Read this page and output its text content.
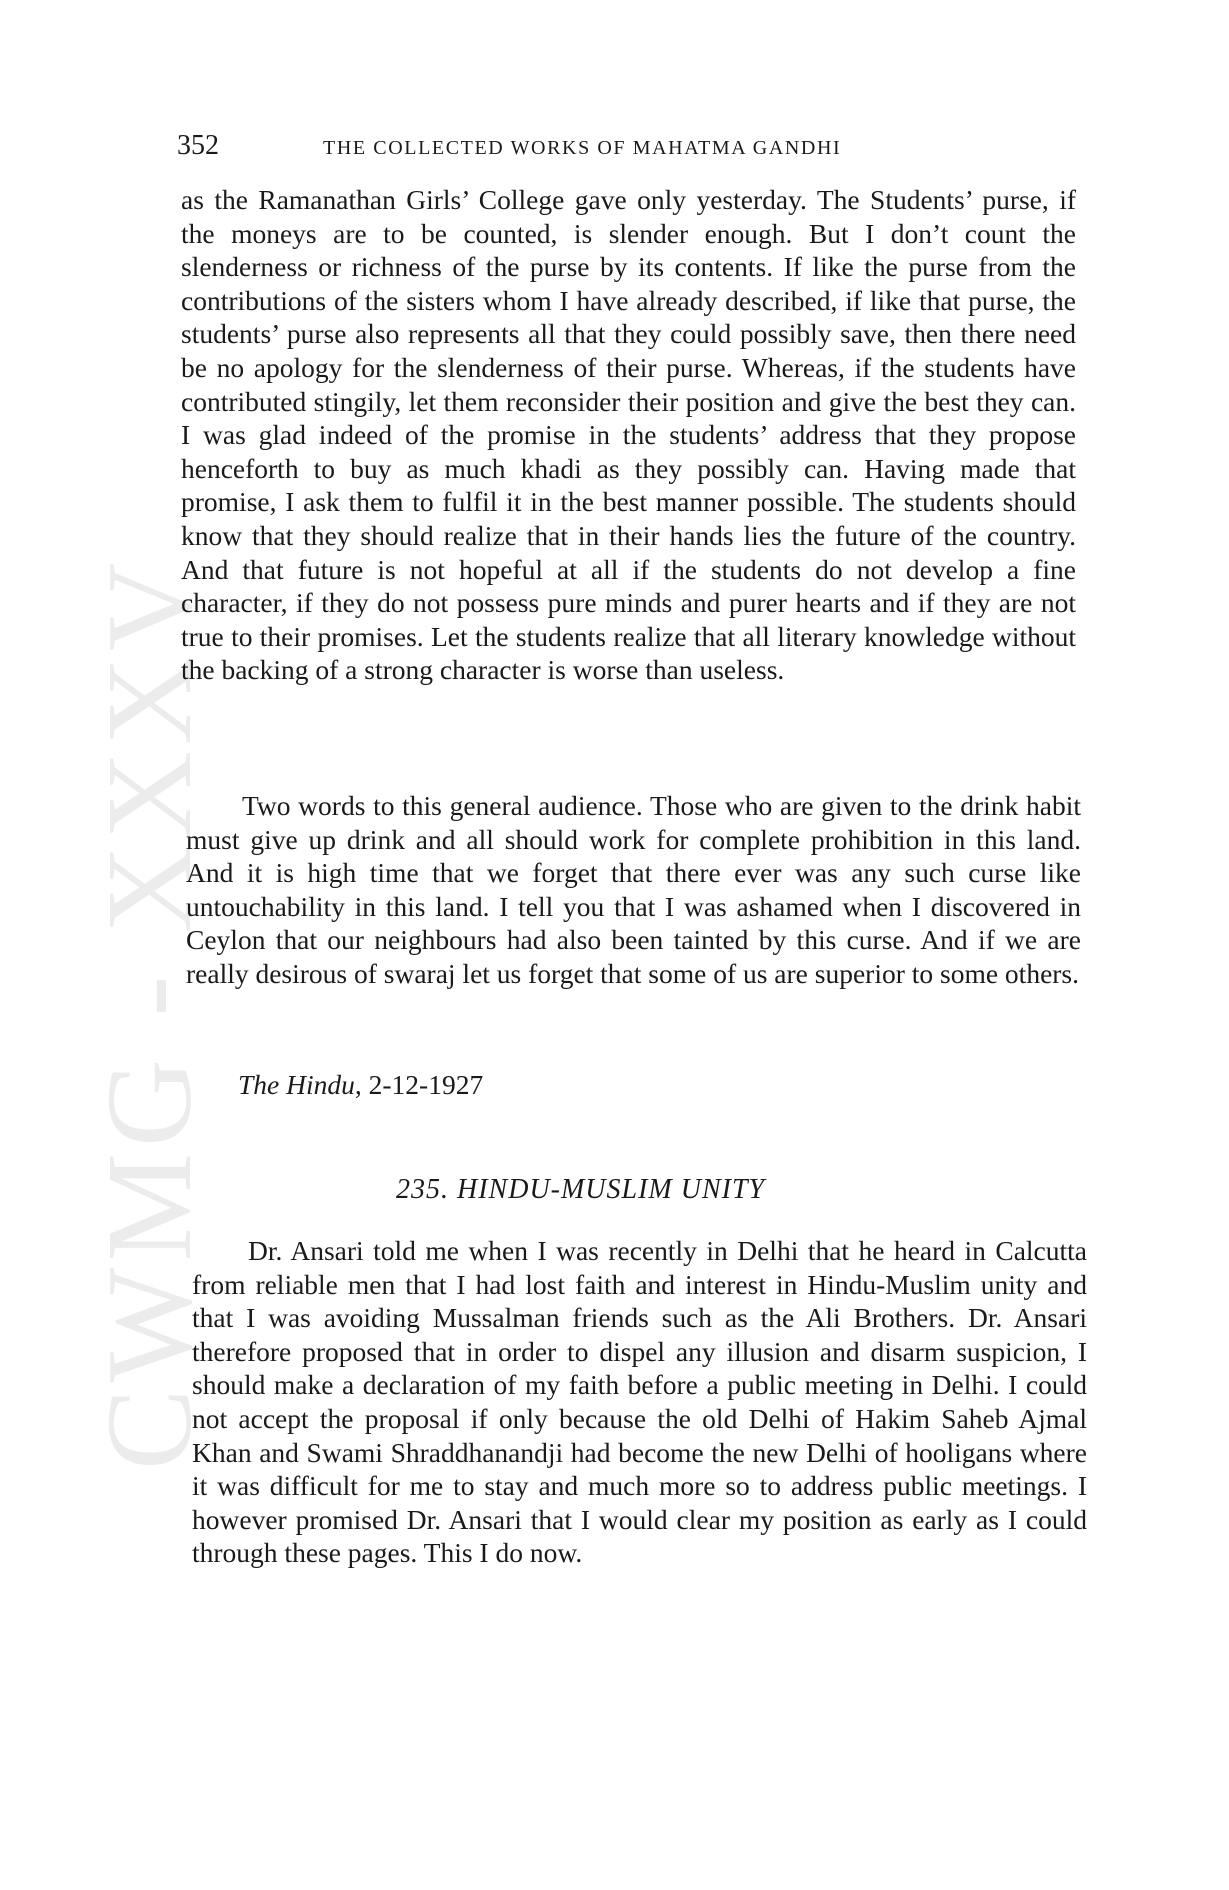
CWMG - XXXV
352	THE COLLECTED WORKS OF MAHATMA GANDHI

as the Ramanathan Girls’ College gave only yesterday. The Students’ purse, if the moneys are to be counted, is slender enough. But I don’t count the slenderness or richness of the purse by its contents. If like the purse from the contributions of the sisters whom I have already described, if like that purse, the students’ purse also represents all that they could possibly save, then there need be no apology for the slenderness of their purse. Whereas, if the students have contributed stingily, let them reconsider their position and give the best they can. I was glad indeed of the promise in the students’ address that they propose henceforth to buy as much khadi as they possibly can. Having made that promise, I ask them to fulfil it in the best manner possible. The students should know that they should realize that in their hands lies the future of the country. And that future is not hopeful at all if the students do not develop a fine character, if they do not possess pure minds and purer hearts and if they are not true to their promises. Let the students realize that all literary knowledge without the backing of a strong character is worse than useless.

Two words to this general audience. Those who are given to the drink habit must give up drink and all should work for complete prohibition in this land. And it is high time that we forget that there ever was any such curse like untouchability in this land. I tell you that I was ashamed when I discovered in Ceylon that our neighbours had also been tainted by this curse. And if we are really desirous of swaraj let us forget that some of us are superior to some others.

The Hindu, 2-12-1927
235. HINDU-MUSLIM UNITY

Dr. Ansari told me when I was recently in Delhi that he heard in Calcutta from reliable men that I had lost faith and interest in Hindu-Muslim unity and that I was avoiding Mussalman friends such as the Ali Brothers. Dr. Ansari therefore proposed that in order to dispel any illusion and disarm suspicion, I should make a declaration of my faith before a public meeting in Delhi. I could not accept the proposal if only because the old Delhi of Hakim Saheb Ajmal Khan and Swami Shraddhanandji had become the new Delhi of hooligans where it was difficult for me to stay and much more so to address public meetings. I however promised Dr. Ansari that I would clear my position as early as I could through these pages. This I do now.
